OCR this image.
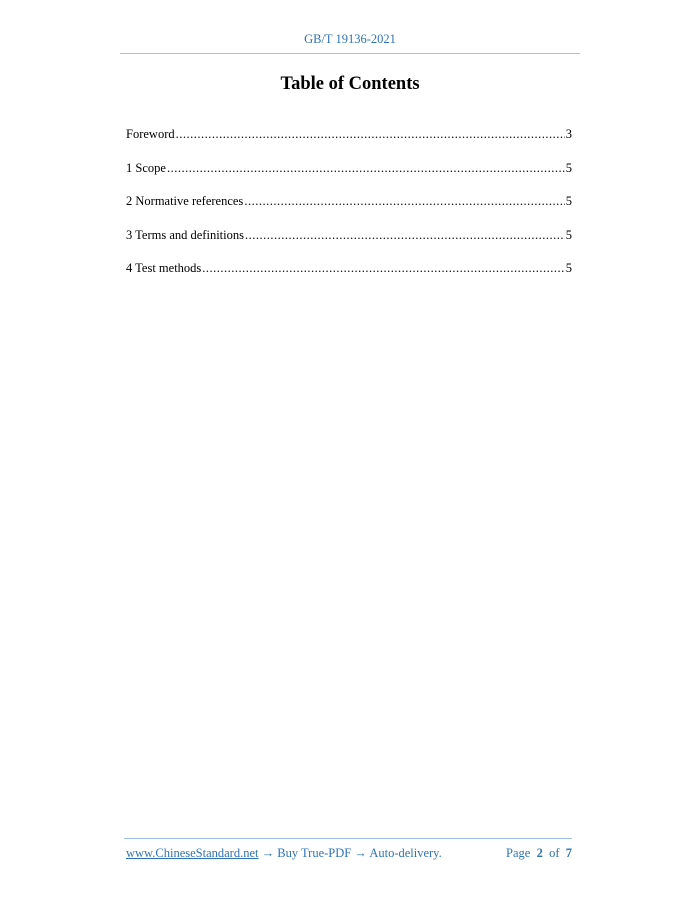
GB/T 19136-2021
Table of Contents
Foreword .....	3
1 Scope .....	5
2 Normative references .....	5
3 Terms and definitions .....	5
4 Test methods .....	5
www.ChineseStandard.net → Buy True-PDF → Auto-delivery.	Page 2 of 7
